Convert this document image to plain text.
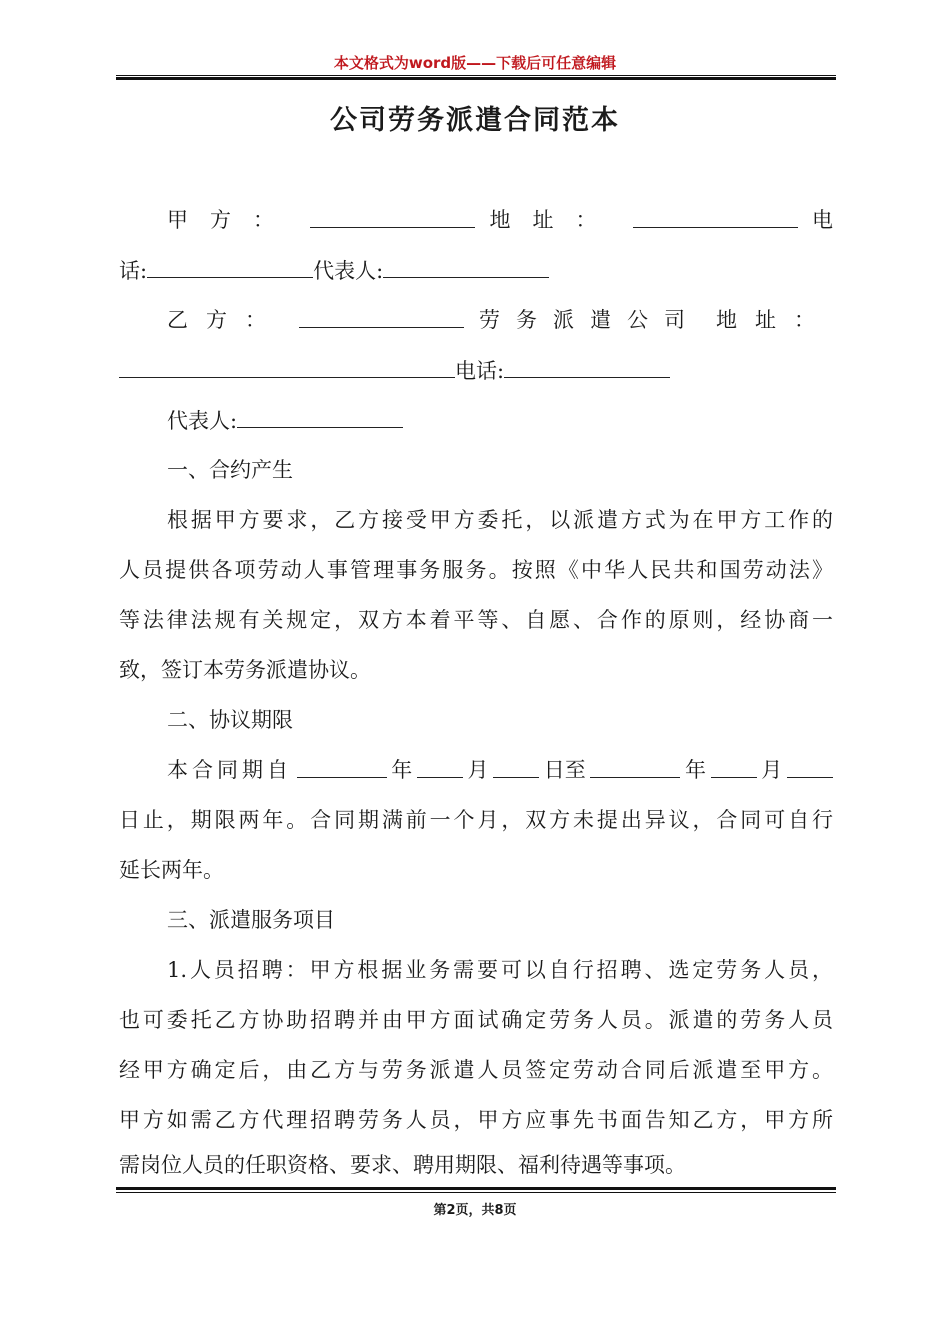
本文格式为word版——下载后可任意编辑
公司劳务派遣合同范本
甲方：	地址：	电
话:	代表人:
乙方：	劳务派遣公司 地址：
电话:
代表人:
一、合约产生
根据甲方要求，乙方接受甲方委托，以派遣方式为在甲方工作的
人员提供各项劳动人事管理事务服务。按照《中华人民共和国劳动法》
等法律法规有关规定，双方本着平等、自愿、合作的原则，经协商一
致，签订本劳务派遣协议。
二、协议期限
本合同期自	年	月	日至	年	月
日止，期限两年。合同期满前一个月，双方未提出异议，合同可自行
延长两年。
三、派遣服务项目
1.人员招聘：甲方根据业务需要可以自行招聘、选定劳务人员，
也可委托乙方协助招聘并由甲方面试确定劳务人员。派遣的劳务人员
经甲方确定后，由乙方与劳务派遣人员签定劳动合同后派遣至甲方。
甲方如需乙方代理招聘劳务人员，甲方应事先书面告知乙方，甲方所
需岗位人员的任职资格、要求、聘用期限、福利待遇等事项。
第2页，共8页
